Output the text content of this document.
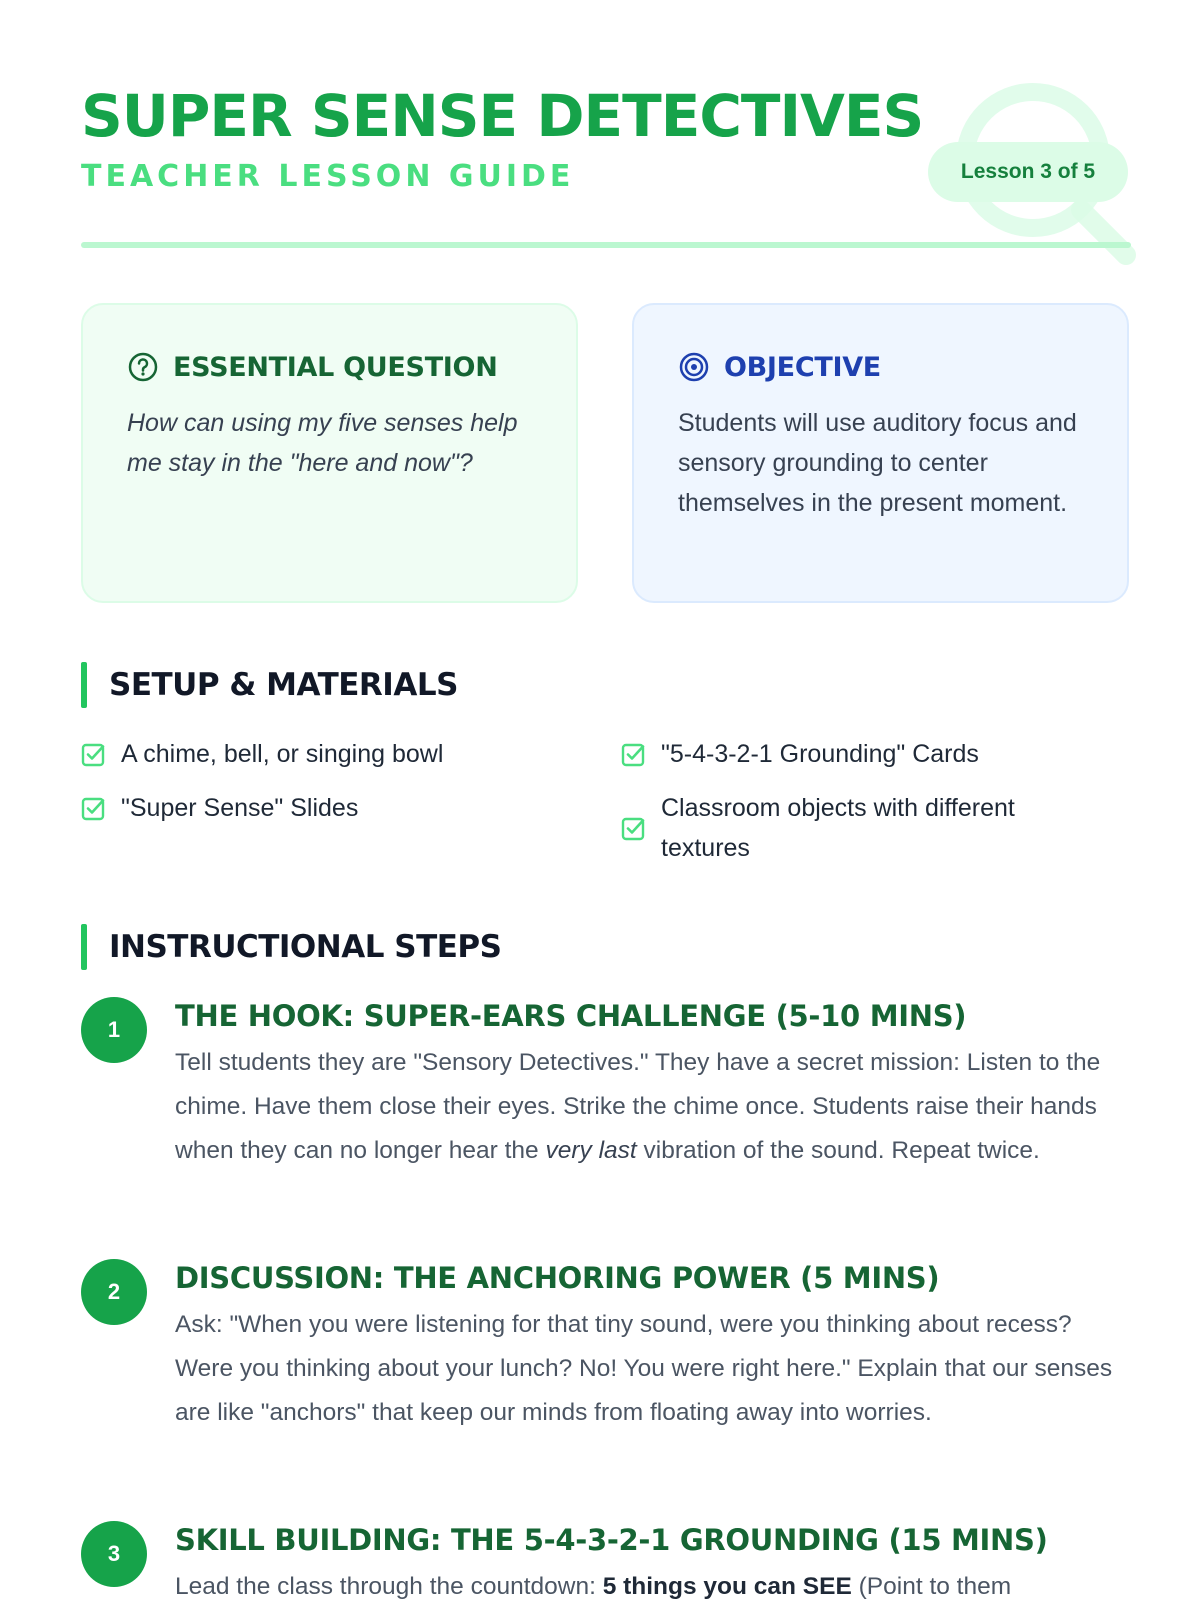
SUPER SENSE DETECTIVES
TEACHER LESSON GUIDE	Lesson 3 of 5
ESSENTIAL QUESTION
How can using my five senses help me stay in the "here and now"?
OBJECTIVE
Students will use auditory focus and sensory grounding to center themselves in the present moment.
SETUP & MATERIALS
A chime, bell, or singing bowl	"5-4-3-2-1 Grounding" Cards
"Super Sense" Slides	Classroom objects with different textures
INSTRUCTIONAL STEPS
1	THE HOOK: SUPER-EARS CHALLENGE (5-10 MINS)
Tell students they are "Sensory Detectives." They have a secret mission: Listen to the chime. Have them close their eyes. Strike the chime once. Students raise their hands when they can no longer hear the very last vibration of the sound. Repeat twice.
2	DISCUSSION: THE ANCHORING POWER (5 MINS)
Ask: "When you were listening for that tiny sound, were you thinking about recess? Were you thinking about your lunch? No! You were right here." Explain that our senses are like "anchors" that keep our minds from floating away into worries.
3	SKILL BUILDING: THE 5-4-3-2-1 GROUNDING (15 MINS)
Lead the class through the countdown: 5 things you can SEE (Point to them
